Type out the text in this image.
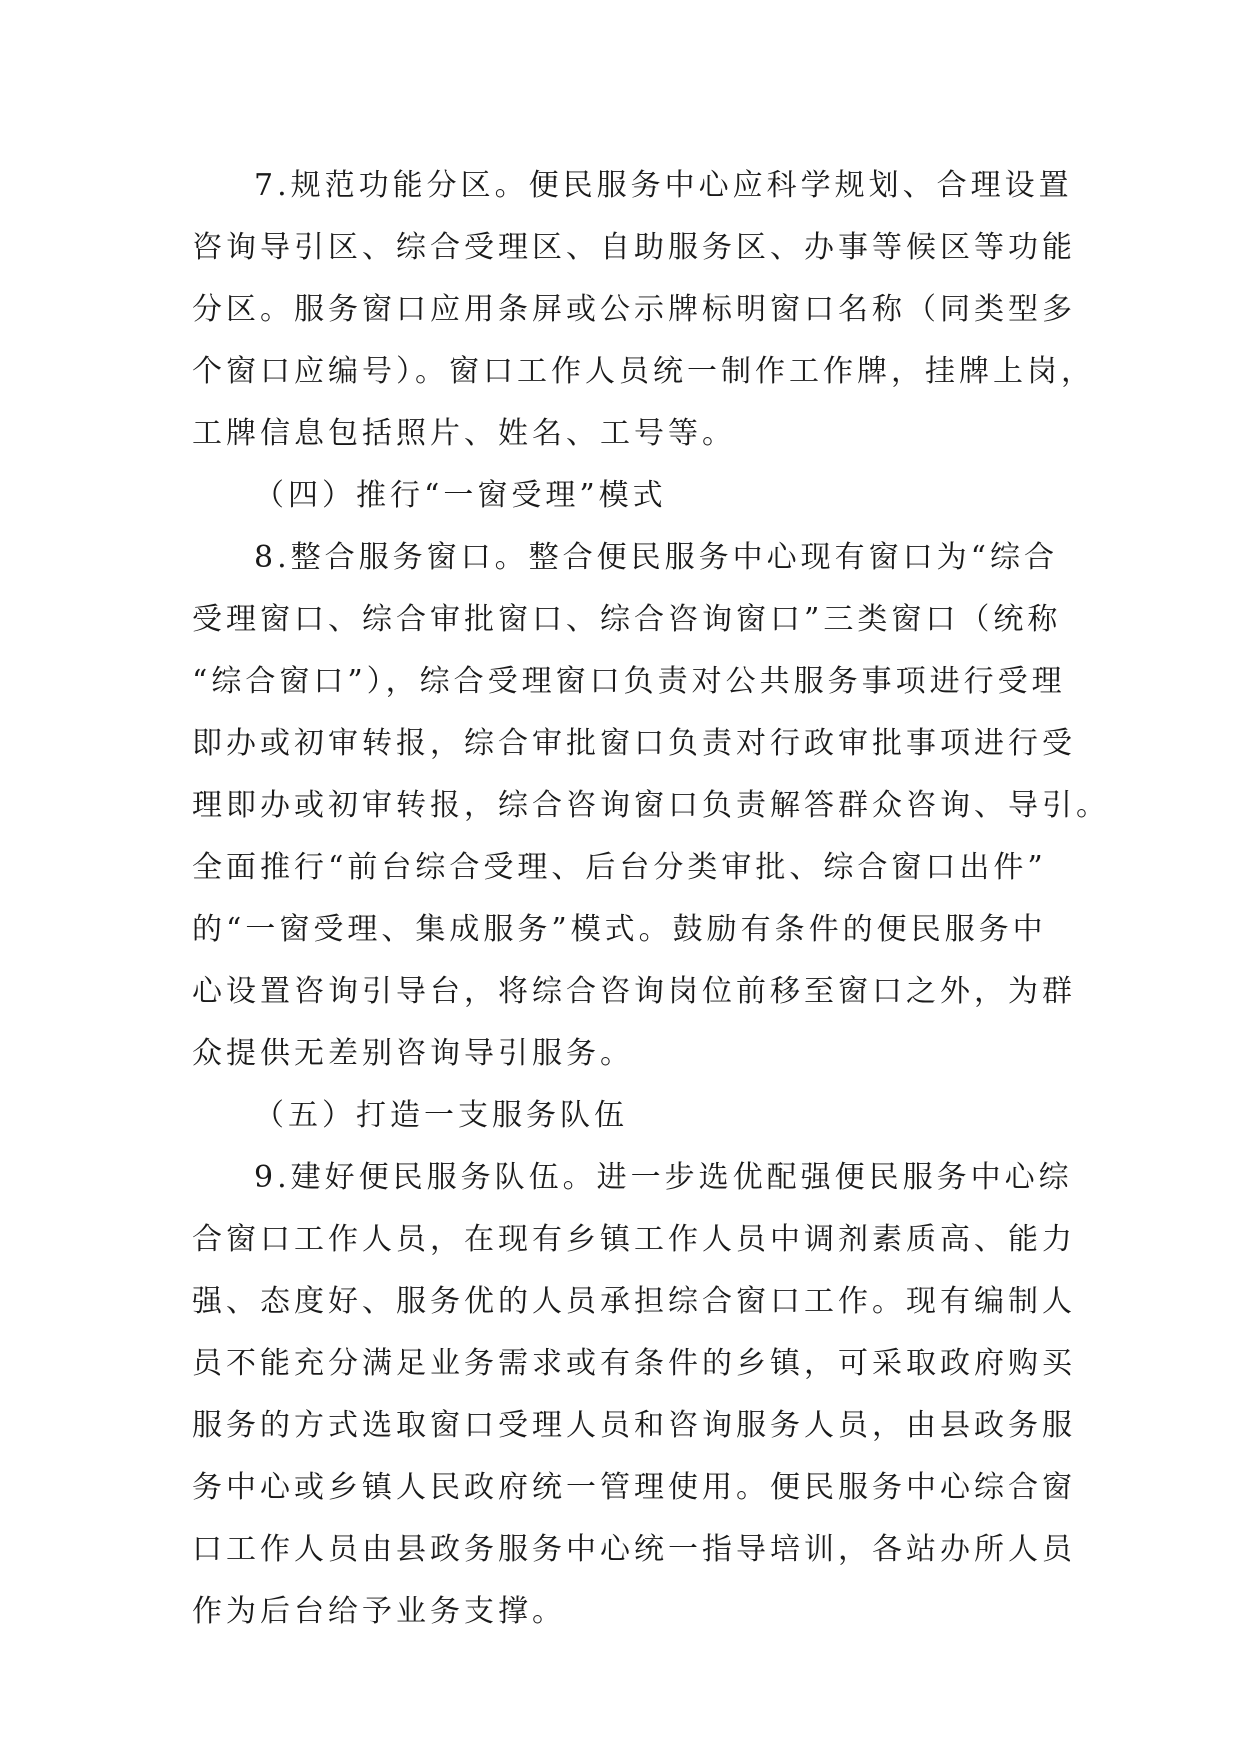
7.规范功能分区。便民服务中心应科学规划、合理设置
咨询导引区、综合受理区、自助服务区、办事等候区等功能
分区。服务窗口应用条屏或公示牌标明窗口名称（同类型多
个窗口应编号）。窗口工作人员统一制作工作牌，挂牌上岗，
工牌信息包括照片、姓名、工号等。
（四）推行“一窗受理”模式
8.整合服务窗口。整合便民服务中心现有窗口为“综合
受理窗口、综合审批窗口、综合咨询窗口”三类窗口（统称
“综合窗口”），综合受理窗口负责对公共服务事项进行受理
即办或初审转报，综合审批窗口负责对行政审批事项进行受
理即办或初审转报，综合咨询窗口负责解答群众咨询、导引。
全面推行“前台综合受理、后台分类审批、综合窗口出件”
的“一窗受理、集成服务”模式。鼓励有条件的便民服务中
心设置咨询引导台，将综合咨询岗位前移至窗口之外，为群
众提供无差别咨询导引服务。
（五）打造一支服务队伍
9.建好便民服务队伍。进一步选优配强便民服务中心综
合窗口工作人员，在现有乡镇工作人员中调剂素质高、能力
强、态度好、服务优的人员承担综合窗口工作。现有编制人
员不能充分满足业务需求或有条件的乡镇，可采取政府购买
服务的方式选取窗口受理人员和咨询服务人员，由县政务服
务中心或乡镇人民政府统一管理使用。便民服务中心综合窗
口工作人员由县政务服务中心统一指导培训，各站办所人员
作为后台给予业务支撑。
